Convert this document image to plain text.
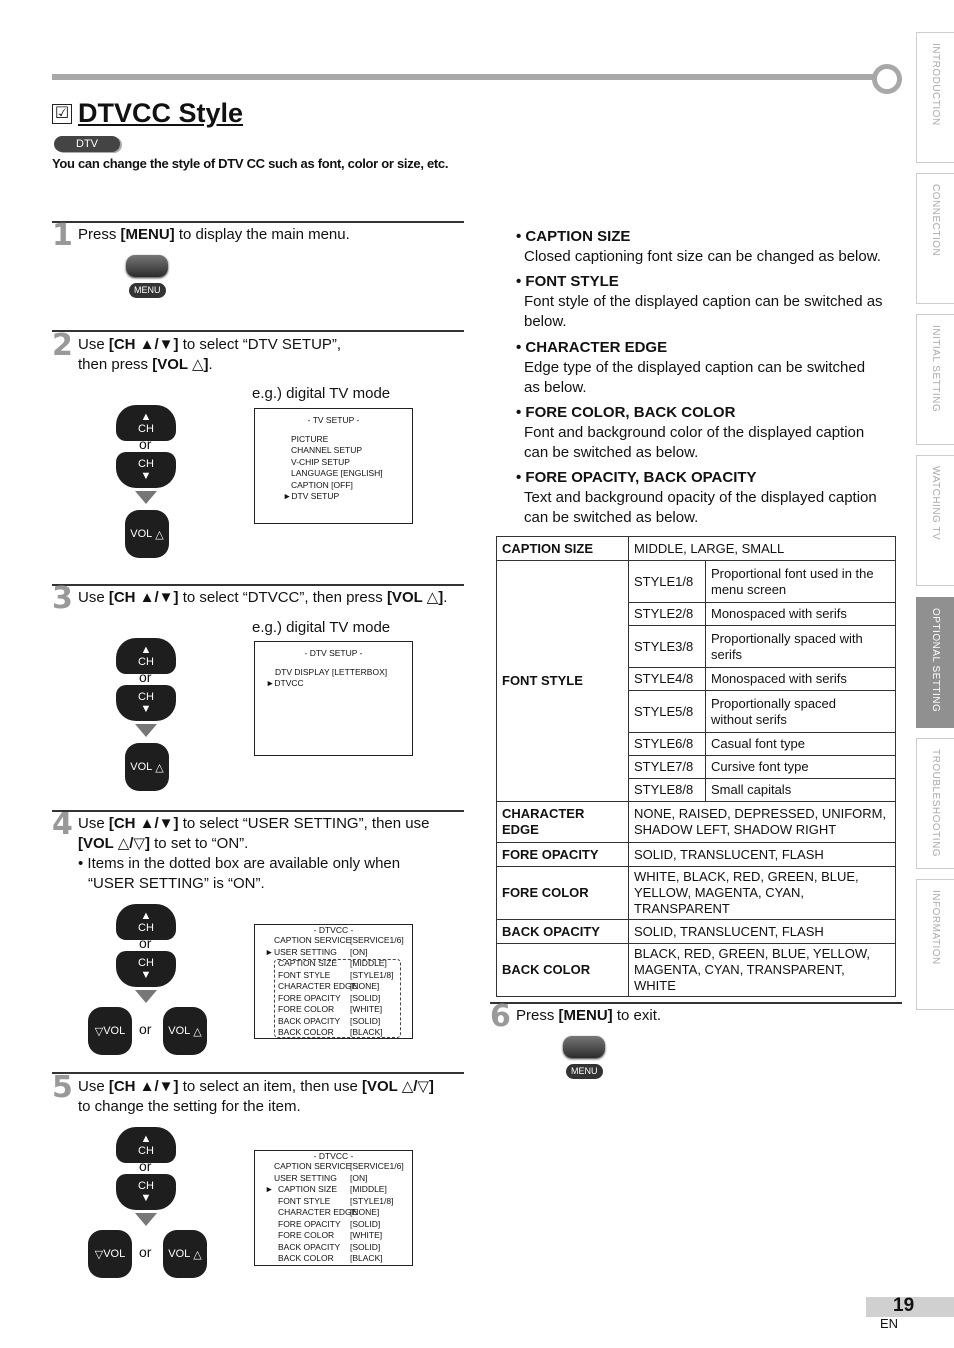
☑ DTVCC Style
DTV
You can change the style of DTV CC such as font, color or size, etc.
1 Press [MENU] to display the main menu.
MENU
2 Use [CH ▲/▼] to select “DTV SETUP”,
then press [VOL △].
▲
CH
or
CH
▼
VOL △
e.g.) digital TV mode
- TV SETUP -
PICTURE
CHANNEL SETUP
V-CHIP SETUP
LANGUAGE [ENGLISH]
CAPTION [OFF]
► DTV SETUP
3 Use [CH ▲/▼] to select “DTVCC”, then press [VOL △].
▲
CH
or
CH
▼
VOL △
e.g.) digital TV mode
- DTV SETUP -
DTV DISPLAY [LETTERBOX]
► DTVCC
4 Use [CH ▲/▼] to select “USER SETTING”, then use
[VOL △/▽] to set to “ON”.
• Items in the dotted box are available only when
“USER SETTING” is “ON”.
▲
CH
or
CH
▼
▽ VOL or VOL △
- DTVCC -
CAPTION SERVICE
[SERVICE1/6]
► USER SETTING	[ON]
CAPTION SIZE	[MIDDLE]
FONT STYLE	[STYLE1/8]
CHARACTER EDGE
[NONE]
FORE OPACITY	[SOLID]
FORE COLOR	[WHITE]
BACK OPACITY	[SOLID]
BACK COLOR	[BLACK]
5 Use [CH ▲/▼] to select an item, then use [VOL △/▽]
to change the setting for the item.
▲
CH
or
CH
▼
▽ VOL or VOL △
- DTVCC -
CAPTION SERVICE
[SERVICE1/6]
USER SETTING	[ON]
► CAPTION SIZE	[MIDDLE]
FONT STYLE	[STYLE1/8]
CHARACTER EDGE
[NONE]
FORE OPACITY	[SOLID]
FORE COLOR	[WHITE]
BACK OPACITY	[SOLID]
BACK COLOR	[BLACK]
• CAPTION SIZE
Closed captioning font size can be changed as below.
• FONT STYLE
Font style of the displayed caption can be switched as
below.
• CHARACTER EDGE
Edge type of the displayed caption can be switched
as below.
• FORE COLOR, BACK COLOR
Font and background color of the displayed caption
can be switched as below.
• FORE OPACITY, BACK OPACITY
Text and background opacity of the displayed caption
can be switched as below.
CAPTION SIZE	MIDDLE, LARGE, SMALL	
FONT STYLE	STYLE1/8	Proportional font used in the
menu screen

	STYLE2/8	Monospaced with serifs
	STYLE3/8	Proportionally spaced with
serifs

	STYLE4/8	Monospaced with serifs
	STYLE5/8	Proportionally spaced
without serifs

	STYLE6/8	Casual font type
	STYLE7/8	Cursive font type
	STYLE8/8	Small capitals
CHARACTER EDGE	NONE, RAISED, DEPRESSED, UNIFORM,
SHADOW LEFT, SHADOW RIGHT	

FORE OPACITY	SOLID, TRANSLUCENT, FLASH	
FORE COLOR	WHITE, BLACK, RED, GREEN, BLUE,
YELLOW, MAGENTA, CYAN, TRANSPARENT	

BACK OPACITY	SOLID, TRANSLUCENT, FLASH	
BACK COLOR	BLACK, RED, GREEN, BLUE, YELLOW,
MAGENTA, CYAN, TRANSPARENT, WHITE	
6 Press [MENU] to exit.
MENU
INTRODUCTION
CONNECTION
INITIAL SETTING
WATCHING TV
OPTIONAL SETTING
TROUBLESHOOTING
INFORMATION
19
EN
